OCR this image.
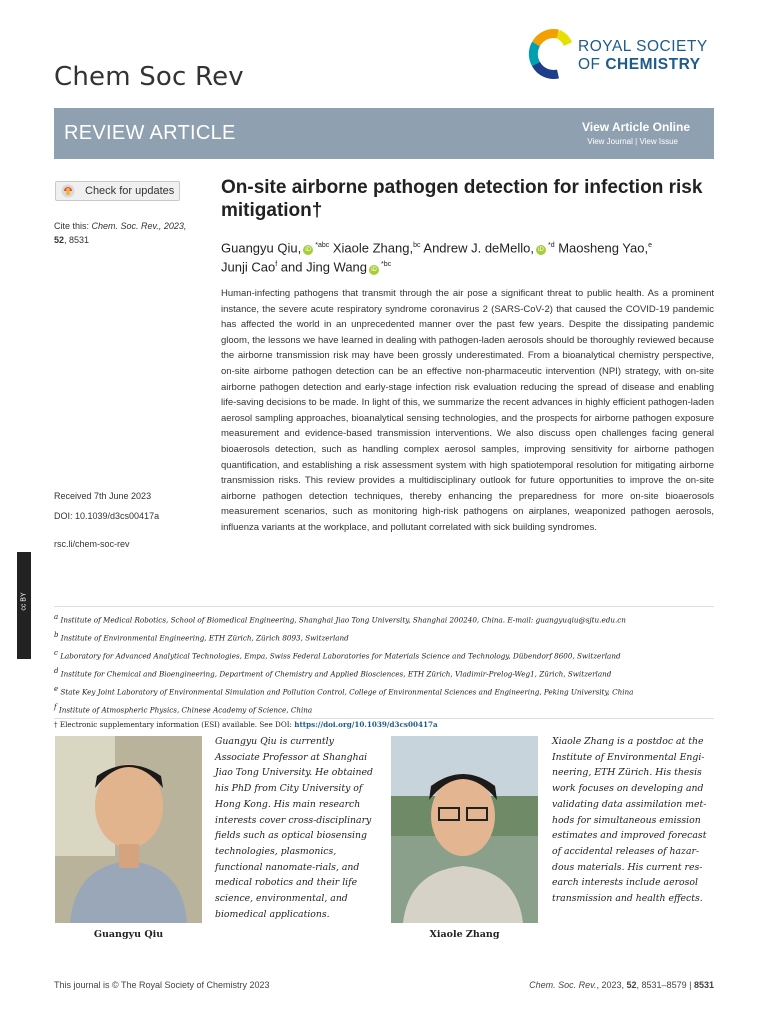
Chem Soc Rev
ROYAL SOCIETY
OF CHEMISTRY
REVIEW ARTICLE	View Article Online
View Journal | View Issue
Check for updates
Cite this: Chem. Soc. Rev., 2023,
52, 8531
Received 7th June 2023
DOI: 10.1039/d3cs00417a
rsc.li/chem-soc-rev
On-site airborne pathogen detection for infection risk mitigation†
Guangyu Qiu, $iD^{*abc}$ Xiaole Zhang,$^{bc}$ Andrew J. deMello, $iD^{*d}$ Maosheng Yao,$^e$
Junji Cao$^f$ and Jing Wang $iD^{*bc}$
Human-infecting pathogens that transmit through the air pose a significant threat to public health. As a prominent instance, the severe acute respiratory syndrome coronavirus 2 (SARS-CoV-2) that caused the COVID-19 pandemic has affected the world in an unprecedented manner over the past few years. Despite the dissipating pandemic gloom, the lessons we have learned in dealing with pathogen-laden aerosols should be thoroughly reviewed because the airborne transmission risk may have been grossly underestimated. From a bioanalytical chemistry perspective, on-site airborne pathogen detection can be an effective non-pharmaceutic intervention (NPI) strategy, with on-site airborne pathogen detection and early-stage infection risk evaluation reducing the spread of disease and enabling life-saving decisions to be made. In light of this, we summarize the recent advances in highly efficient pathogen-laden aerosol sampling approaches, bioanalytical sensing technologies, and the prospects for airborne pathogen exposure measurement and evidence-based transmission interventions. We also discuss open challenges facing general bioaerosols detection, such as handling complex aerosol samples, improving sensitivity for airborne pathogen quantification, and establishing a risk assessment system with high spatiotemporal resolution for mitigating airborne transmission risks. This review provides a multidisciplinary outlook for future opportunities to improve the on-site airborne pathogen detection techniques, thereby enhancing the preparedness for more on-site bioaerosols measurement scenarios, such as monitoring high-risk pathogens on airplanes, weaponized pathogen aerosols, influenza variants at the workplace, and pollutant correlated with sick building syndromes.
cc BY
$^a$ Institute of Medical Robotics, School of Biomedical Engineering, Shanghai Jiao Tong University, Shanghai 200240, China. E-mail: guangyuqiu@sjtu.edu.cn
$^b$ Institute of Environmental Engineering, ETH Zürich, Zürich 8093, Switzerland
$^c$ Laboratory for Advanced Analytical Technologies, Empa, Swiss Federal Laboratories for Materials Science and Technology, Dübendorf 8600, Switzerland
$^d$ Institute for Chemical and Bioengineering, Department of Chemistry and Applied Biosciences, ETH Zürich, Vladimir-Prelog-Weg1, Zürich, Switzerland
$^e$ State Key Joint Laboratory of Environmental Simulation and Pollution Control, College of Environmental Sciences and Engineering, Peking University, China
$^f$ Institute of Atmospheric Physics, Chinese Academy of Science, China
† Electronic supplementary information (ESI) available. See DOI: https://doi.org/10.1039/d3cs00417a
Guangyu Qiu is currently Associate Professor at Shanghai Jiao Tong University. He obtained his PhD from City University of Hong Kong. His main research interests cover cross-disciplinary fields such as optical biosensing technologies, plasmonics, functional nanomate-rials, and medical robotics and their life science, environmental, and biomedical applications.
Guangyu Qiu
Xiaole Zhang is a postdoc at the Institute of Environmental Engi-neering, ETH Zürich. His thesis work focuses on developing and validating data assimilation met-hods for simultaneous emission estimates and improved forecast of accidental releases of hazar-dous materials. His current res-earch interests include aerosol transmission and health effects.
Xiaole Zhang
This journal is © The Royal Society of Chemistry 2023	Chem. Soc. Rev., 2023, 52, 8531–8579 | 8531
